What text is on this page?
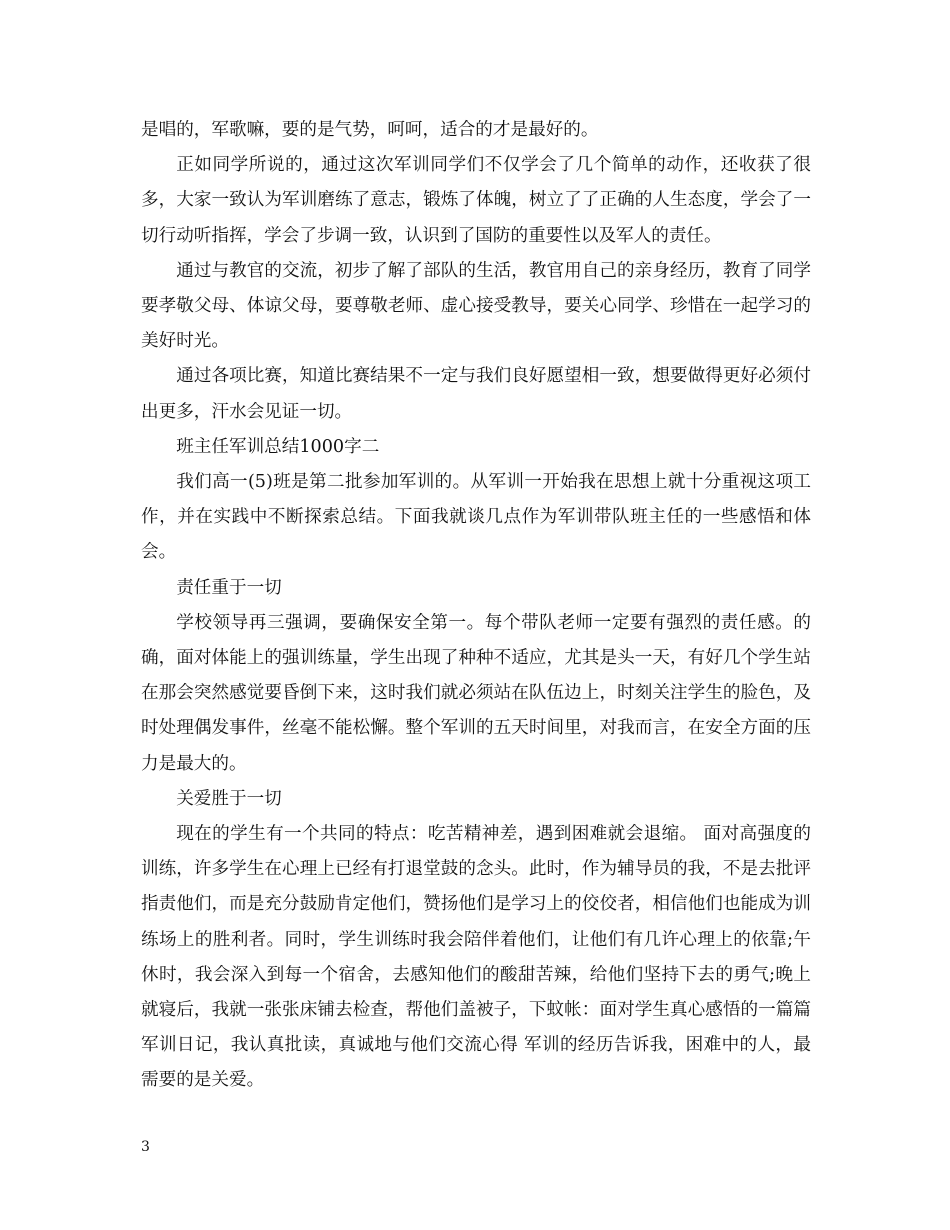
是唱的，军歌嘛，要的是气势，呵呵，适合的才是最好的。

正如同学所说的，通过这次军训同学们不仅学会了几个简单的动作，还收获了很多，大家一致认为军训磨练了意志，锻炼了体魄，树立了了正确的人生态度，学会了一切行动听指挥，学会了步调一致，认识到了国防的重要性以及军人的责任。

通过与教官的交流，初步了解了部队的生活，教官用自己的亲身经历，教育了同学要孝敬父母、体谅父母，要尊敬老师、虚心接受教导，要关心同学、珍惜在一起学习的美好时光。

通过各项比赛，知道比赛结果不一定与我们良好愿望相一致，想要做得更好必须付出更多，汗水会见证一切。

班主任军训总结1000字二

我们高一(5)班是第二批参加军训的。从军训一开始我在思想上就十分重视这项工作，并在实践中不断探索总结。下面我就谈几点作为军训带队班主任的一些感悟和体会。

责任重于一切

学校领导再三强调，要确保安全第一。每个带队老师一定要有强烈的责任感。的确，面对体能上的强训练量，学生出现了种种不适应，尤其是头一天，有好几个学生站在那会突然感觉要昏倒下来，这时我们就必须站在队伍边上，时刻关注学生的脸色，及时处理偶发事件，丝毫不能松懈。整个军训的五天时间里，对我而言，在安全方面的压力是最大的。

关爱胜于一切

现在的学生有一个共同的特点：吃苦精神差，遇到困难就会退缩。 面对高强度的训练，许多学生在心理上已经有打退堂鼓的念头。此时，作为辅导员的我，不是去批评指责他们，而是充分鼓励肯定他们，赞扬他们是学习上的佼佼者，相信他们也能成为训练场上的胜利者。同时，学生训练时我会陪伴着他们，让他们有几许心理上的依靠;午休时，我会深入到每一个宿舍，去感知他们的酸甜苦辣，给他们坚持下去的勇气;晚上就寝后，我就一张张床铺去检查，帮他们盖被子，下蚊帐：面对学生真心感悟的一篇篇军训日记，我认真批读，真诚地与他们交流心得 军训的经历告诉我，困难中的人，最需要的是关爱。

3
